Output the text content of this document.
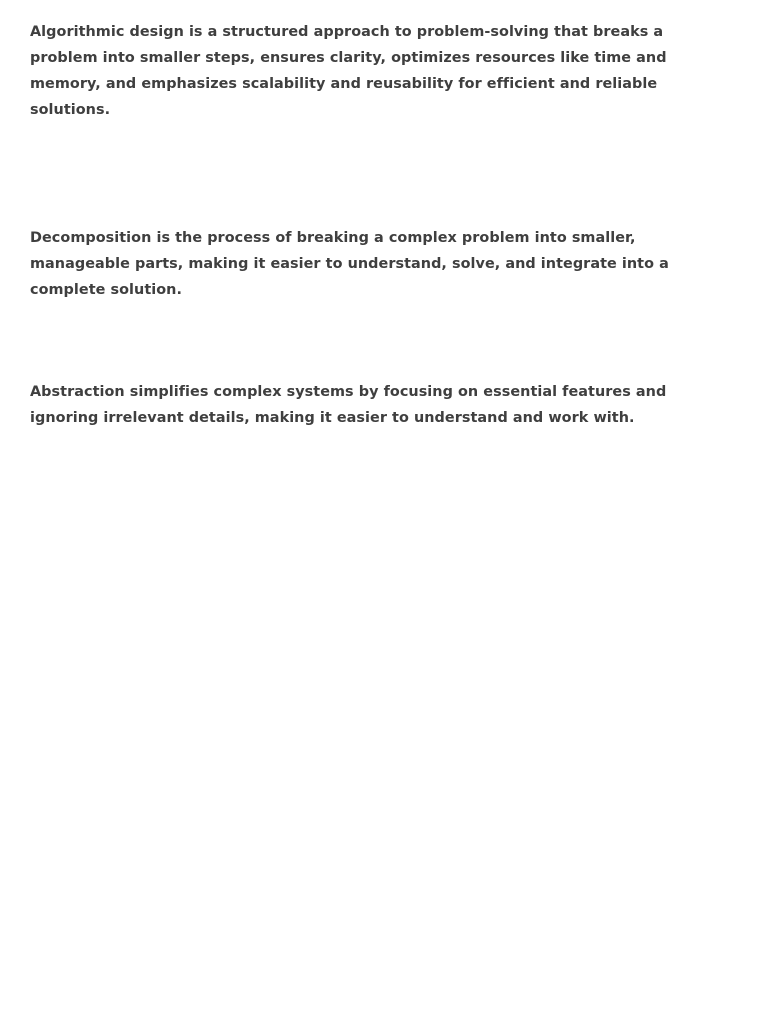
Algorithmic design is a structured approach to problem-solving that breaks a problem into smaller steps, ensures clarity, optimizes resources like time and memory, and emphasizes scalability and reusability for efficient and reliable solutions.

Decomposition is the process of breaking a complex problem into smaller, manageable parts, making it easier to understand, solve, and integrate into a complete solution.

Abstraction simplifies complex systems by focusing on essential features and ignoring irrelevant details, making it easier to understand and work with.
